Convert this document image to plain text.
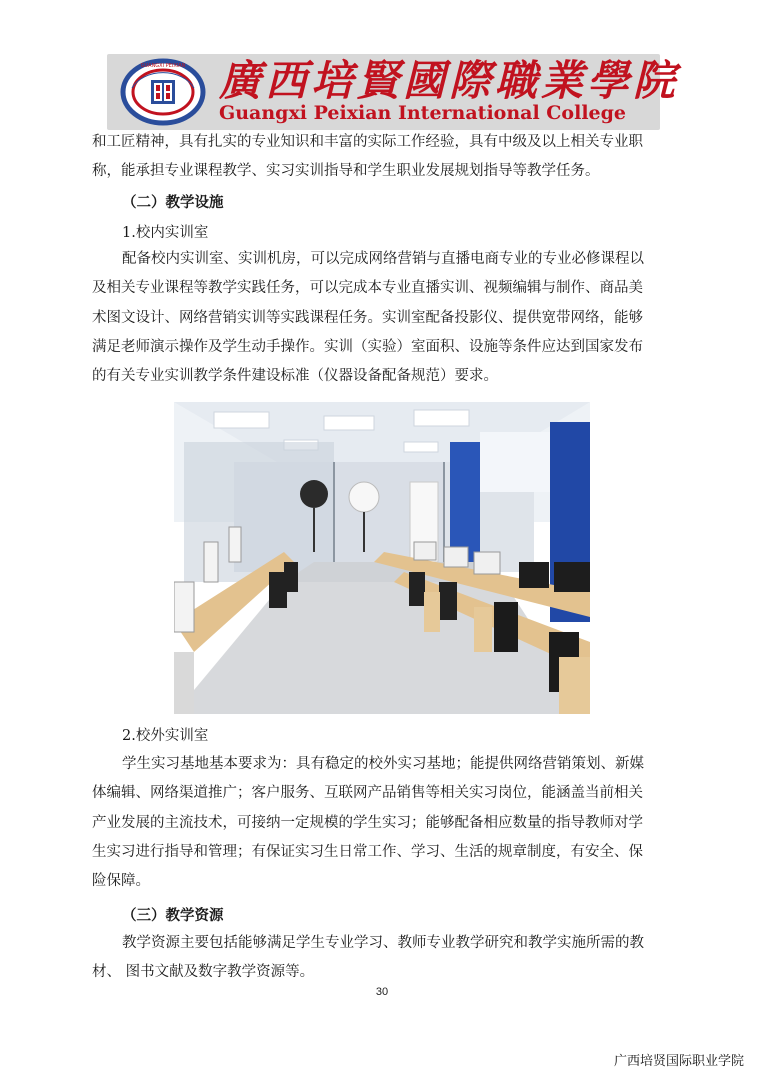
GUANGXI PEIXIAN 廣西培賢國際職業學院
Guangxi Peixian International College

和工匠精神，具有扎实的专业知识和丰富的实际工作经验，具有中级及以上相关专业职
称，能承担专业课程教学、实习实训指导和学生职业发展规划指导等教学任务。

（二）教学设施
1.校内实训室

配备校内实训室、实训机房，可以完成网络营销与直播电商专业的专业必修课程以
及相关专业课程等教学实践任务，可以完成本专业直播实训、视频编辑与制作、商品美
术图文设计、网络营销实训等实践课程任务。实训室配备投影仪、提供宽带网络，能够
满足老师演示操作及学生动手操作。实训（实验）室面积、设施等条件应达到国家发布
的有关专业实训教学条件建设标准（仪器设备配备规范）要求。

2.校外实训室

学生实习基地基本要求为：具有稳定的校外实习基地；能提供网络营销策划、新媒
体编辑、网络渠道推广；客户服务、互联网产品销售等相关实习岗位，能涵盖当前相关
产业发展的主流技术，可接纳一定规模的学生实习；能够配备相应数量的指导教师对学
生实习进行指导和管理；有保证实习生日常工作、学习、生活的规章制度，有安全、保
险保障。

（三）教学资源

教学资源主要包括能够满足学生专业学习、教师专业教学研究和教学实施所需的教
材、 图书文献及数字教学资源等。

30
广西培贤国际职业学院
